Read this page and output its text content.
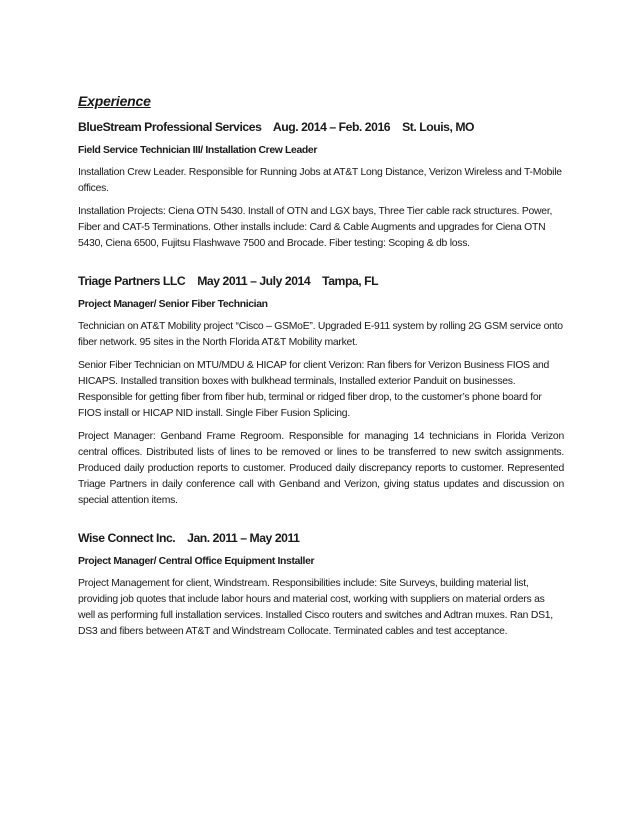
Experience
BlueStream Professional Services Aug. 2014 – Feb. 2016 St. Louis, MO
Field Service Technician III/ Installation Crew Leader

Installation Crew Leader. Responsible for Running Jobs at AT&T Long Distance, Verizon Wireless and T-Mobile offices.

Installation Projects: Ciena OTN 5430. Install of OTN and LGX bays, Three Tier cable rack structures. Power, Fiber and CAT-5 Terminations. Other installs include: Card & Cable Augments and upgrades for Ciena OTN 5430, Ciena 6500, Fujitsu Flashwave 7500 and Brocade. Fiber testing: Scoping & db loss.

Triage Partners LLC May 2011 – July 2014 Tampa, FL
Project Manager/ Senior Fiber Technician

Technician on AT&T Mobility project “Cisco – GSMoE”. Upgraded E-911 system by rolling 2G GSM service onto fiber network. 95 sites in the North Florida AT&T Mobility market.

Senior Fiber Technician on MTU/MDU & HICAP for client Verizon: Ran fibers for Verizon Business FIOS and HICAPS. Installed transition boxes with bulkhead terminals, Installed exterior Panduit on businesses. Responsible for getting fiber from fiber hub, terminal or ridged fiber drop, to the customer’s phone board for FIOS install or HICAP NID install. Single Fiber Fusion Splicing.

Project Manager: Genband Frame Regroom. Responsible for managing 14 technicians in Florida Verizon central offices. Distributed lists of lines to be removed or lines to be transferred to new switch assignments. Produced daily production reports to customer. Produced daily discrepancy reports to customer. Represented Triage Partners in daily conference call with Genband and Verizon, giving status updates and discussion on special attention items.

Wise Connect Inc. Jan. 2011 – May 2011
Project Manager/ Central Office Equipment Installer

Project Management for client, Windstream. Responsibilities include: Site Surveys, building material list, providing job quotes that include labor hours and material cost, working with suppliers on material orders as well as performing full installation services. Installed Cisco routers and switches and Adtran muxes. Ran DS1, DS3 and fibers between AT&T and Windstream Collocate. Terminated cables and test acceptance.
